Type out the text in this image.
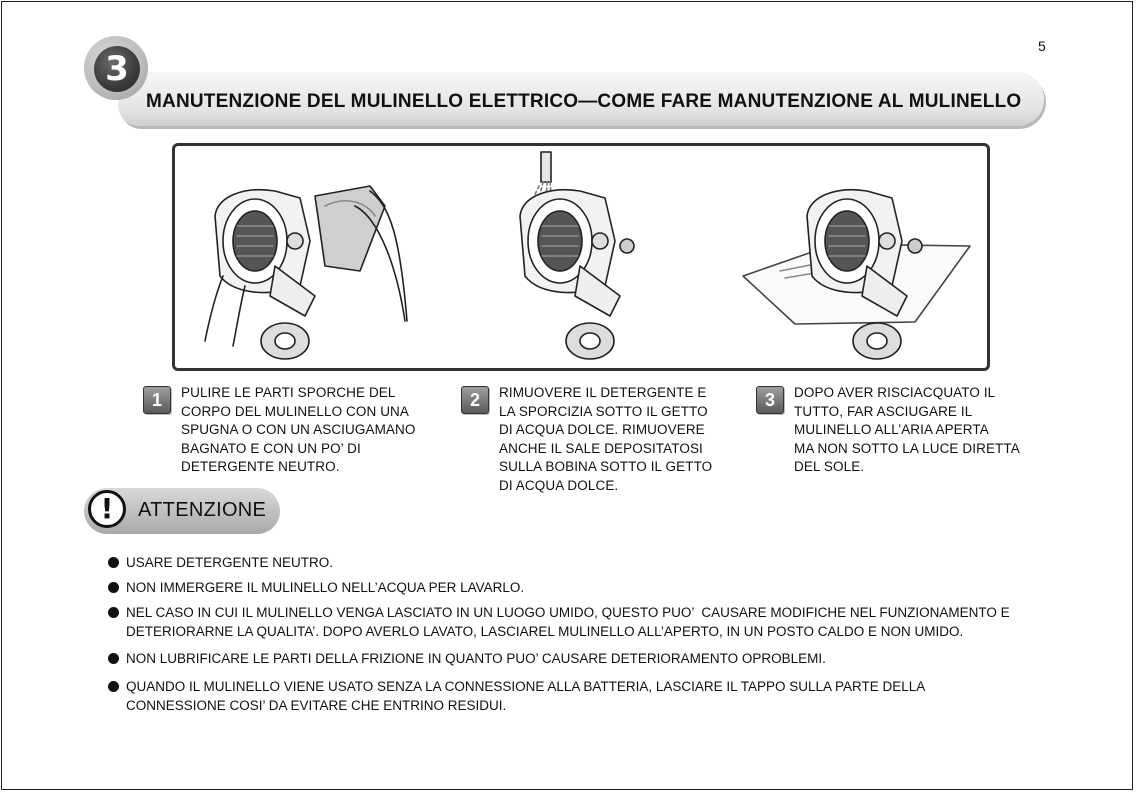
5
3
MANUTENZIONE DEL MULINELLO ELETTRICO—COME FARE MANUTENZIONE AL MULINELLO
1	PULIRE LE PARTI SPORCHE DEL
CORPO DEL MULINELLO CON UNA
SPUGNA O CON UN ASCIUGAMANO
BAGNATO E CON UN PO’ DI
DETERGENTE NEUTRO.
2	RIMUOVERE IL DETERGENTE E
LA SPORCIZIA SOTTO IL GETTO
DI ACQUA DOLCE. RIMUOVERE
ANCHE IL SALE DEPOSITATOSI
SULLA BOBINA SOTTO IL GETTO
DI ACQUA DOLCE.
3	DOPO AVER RISCIACQUATO IL
TUTTO, FAR ASCIUGARE IL
MULINELLO ALL’ARIA APERTA
MA NON SOTTO LA LUCE DIRETTA
DEL SOLE.
!	ATTENZIONE

USARE DETERGENTE NEUTRO.

NON IMMERGERE IL MULINELLO NELL’ACQUA PER LAVARLO.

NEL CASO IN CUI IL MULINELLO VENGA LASCIATO IN UN LUOGO UMIDO, QUESTO PUO’  CAUSARE MODIFICHE NEL FUNZIONAMENTO E
DETERIORARNE LA QUALITA’. DOPO AVERLO LAVATO, LASCIAREL MULINELLO ALL’APERTO, IN UN POSTO CALDO E NON UMIDO.

NON LUBRIFICARE LE PARTI DELLA FRIZIONE IN QUANTO PUO’ CAUSARE DETERIORAMENTO OPROBLEMI.

QUANDO IL MULINELLO VIENE USATO SENZA LA CONNESSIONE ALLA BATTERIA, LASCIARE IL TAPPO SULLA PARTE DELLA
CONNESSIONE COSI’ DA EVITARE CHE ENTRINO RESIDUI.
